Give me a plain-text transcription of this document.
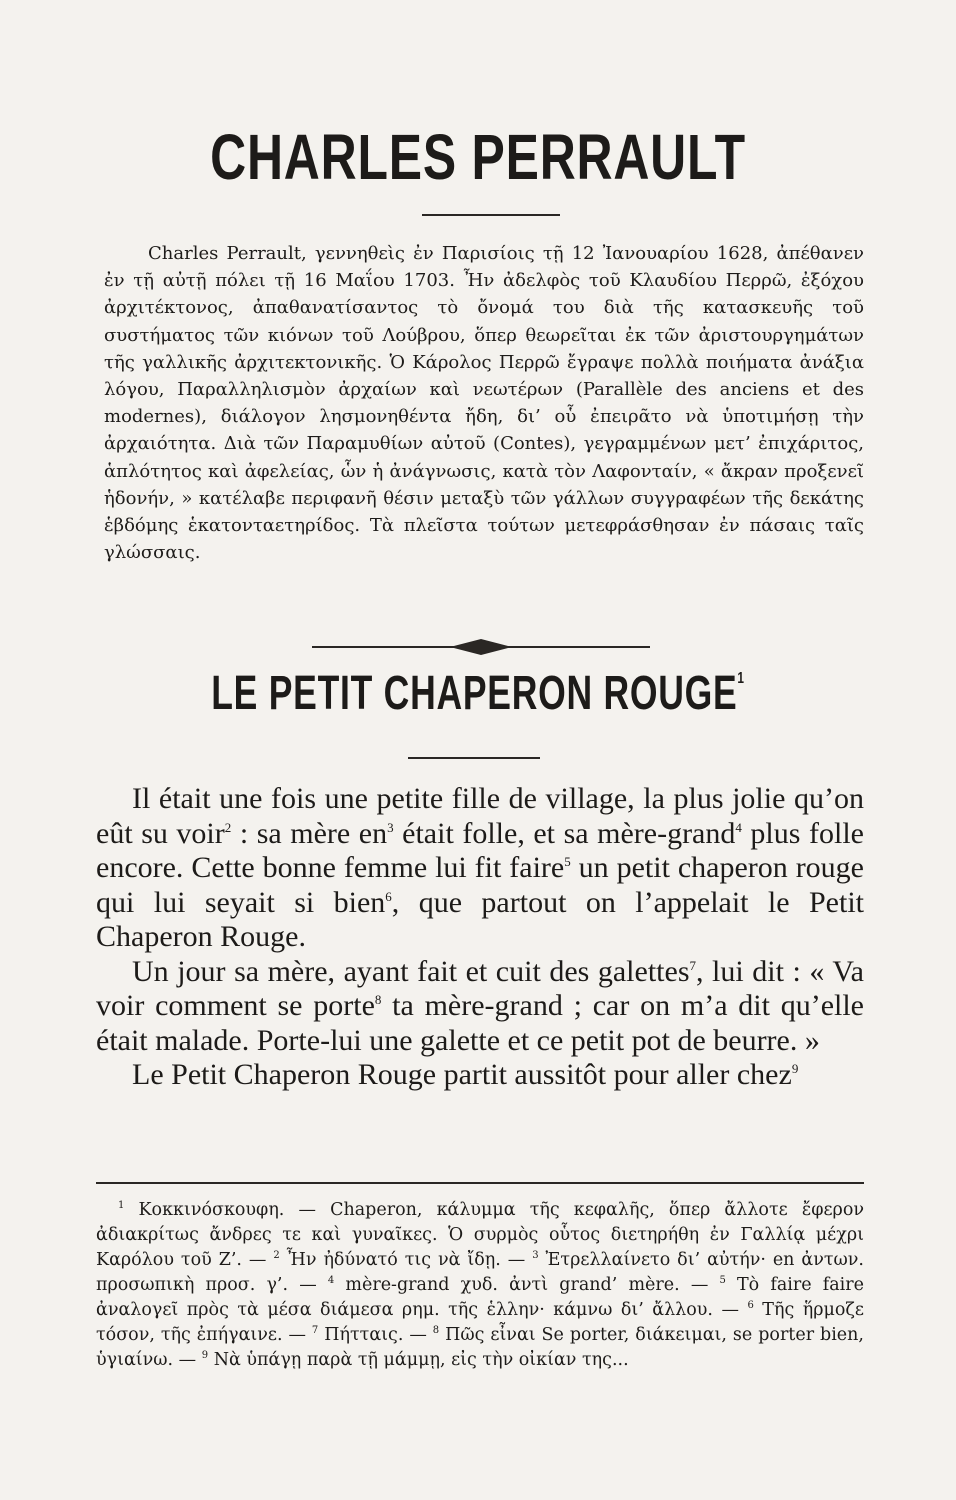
CHARLES PERRAULT

Charles Perrault, γεννηθεὶς ἐν Παρισίοις τῇ 12 Ἰανουαρίου 1628, ἀπέθανεν ἐν τῇ αὐτῇ πόλει τῇ 16 Μαΐου 1703. Ἦν ἀδελφὸς τοῦ Κλαυδίου Περρῶ, ἐξόχου ἀρχιτέκτονος, ἀπαθανατίσαντος τὸ ὄνομά του διὰ τῆς κατασκευῆς τοῦ συστήματος τῶν κιόνων τοῦ Λούβρου, ὅπερ θεωρεῖται ἐκ τῶν ἀριστουργημάτων τῆς γαλλικῆς ἀρχιτεκτονικῆς. Ὁ Κάρολος Περρῶ ἔγραψε πολλὰ ποιήματα ἀνάξια λόγου, Παραλληλισμὸν ἀρχαίων καὶ νεωτέρων (Parallèle des anciens et des modernes), διάλογον λησμονηθέντα ἤδη, δι’ οὗ ἐπειρᾶτο νὰ ὑποτιμήσῃ τὴν ἀρχαιότητα. Διὰ τῶν Παραμυθίων αὐτοῦ (Contes), γεγραμμένων μετ’ ἐπιχάριτος, ἁπλότητος καὶ ἀφελείας, ὧν ἡ ἀνάγνωσις, κατὰ τὸν Λαφονταίν, « ἄκραν προξενεῖ ἡδονήν, » κατέλαβε περιφανῆ θέσιν μεταξὺ τῶν γάλλων συγγραφέων τῆς δεκάτης ἑβδόμης ἑκατονταετηρίδος. Τὰ πλεῖστα τούτων μετεφράσθησαν ἐν πάσαις ταῖς γλώσσαις.

LE PETIT CHAPERON ROUGE$^1$

Il était une fois une petite fille de village, la plus jolie qu’on eût su voir$^2$ : sa mère $en^3$ était folle, et sa mère-grand$^4$ plus folle encore. Cette bonne femme lui fit faire$^5$ un petit chaperon rouge qui lui seyait si bien$^6$, que partout on l’appelait le Petit Chaperon Rouge.

Un jour sa mère, ayant fait et cuit des galettes$^7$, lui dit : « Va voir comment se porte$^8$ ta mère-grand ; car on m’a dit qu’elle était malade. Porte-lui une galette et ce petit pot de beurre. »

Le Petit Chaperon Rouge partit aussitôt pour aller chez$^9$

$^1$ Κοκκινόσκουφη. — Chaperon, κάλυμμα τῆς κεφαλῆς, ὅπερ ἄλλοτε ἔφερον ἀδιακρίτως ἄνδρες τε καὶ γυναῖκες. Ὁ συρμὸς οὗτος διετηρήθη ἐν Γαλλίᾳ μέχρι Καρόλου τοῦ Ζ’. — $^2$ Ἦν ἠδύνατό τις νὰ ἴδῃ. — $^3$ Ἐτρελλαίνετο δι’ αὐτήν· en ἀντων. προσωπικὴ προσ. γ’. — $^4$ mère-grand χυδ. ἀντὶ grand’ mère. — $^5$ Τὸ faire faire ἀναλογεῖ πρὸς τὰ μέσα διάμεσα ρημ. τῆς ἑλλην· κάμνω δι’ ἄλλου. — $^6$ Τῆς ἥρμοζε τόσον, τῆς ἐπήγαινε. — $^7$ Πήτταις. — $^8$ Πῶς εἶναι Se porter, διάκειμαι, se porter bien, ὑγιαίνω. — $^9$ Νὰ ὑπάγῃ παρὰ τῇ μάμμῃ, εἰς τὴν οἰκίαν της...
